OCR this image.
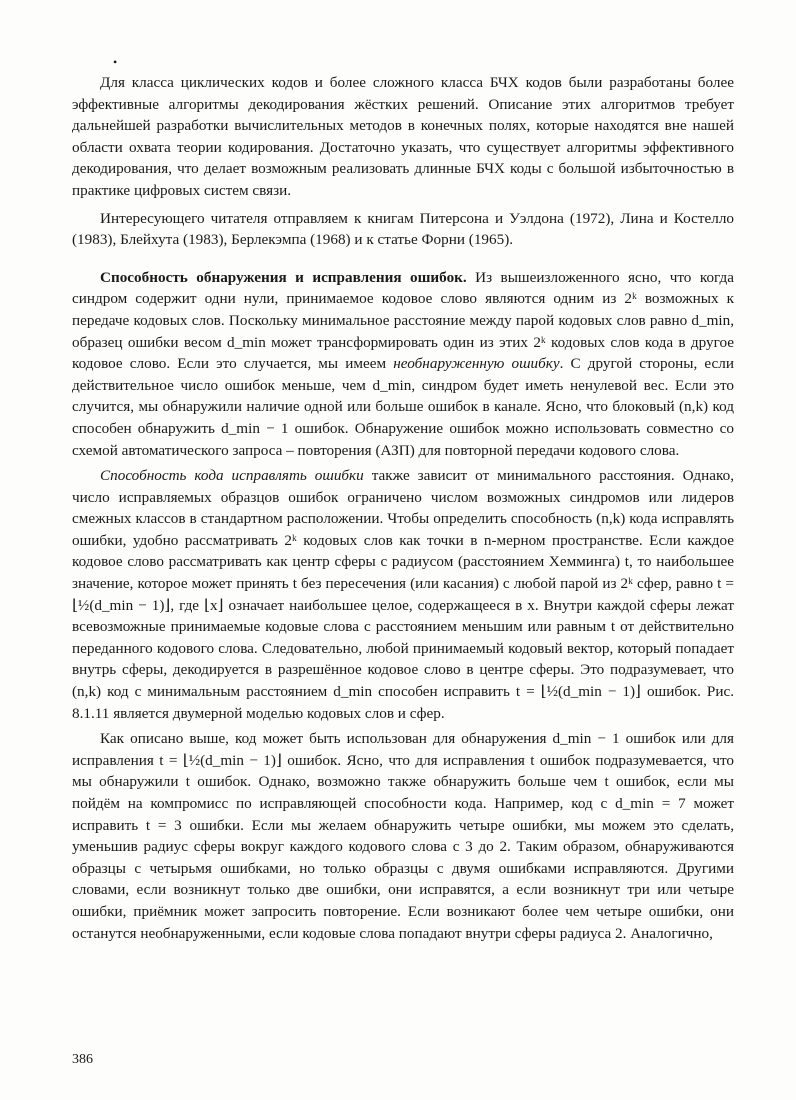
•

Для класса циклических кодов и более сложного класса БЧХ кодов были разработаны более эффективные алгоритмы декодирования жёстких решений. Описание этих алгоритмов требует дальнейшей разработки вычислительных методов в конечных полях, которые находятся вне нашей области охвата теории кодирования. Достаточно указать, что существует алгоритмы эффективного декодирования, что делает возможным реализовать длинные БЧХ коды с большой избыточностью в практике цифровых систем связи.

Интересующего читателя отправляем к книгам Питерсона и Уэлдона (1972), Лина и Костелло (1983), Блейхута (1983), Берлекэмпа (1968) и к статье Форни (1965).

Способность обнаружения и исправления ошибок. Из вышеизложенного ясно, что когда синдром содержит одни нули, принимаемое кодовое слово являются одним из 2ᵏ возможных к передаче кодовых слов. Поскольку минимальное расстояние между парой кодовых слов равно d_min, образец ошибки весом d_min может трансформировать один из этих 2ᵏ кодовых слов кода в другое кодовое слово. Если это случается, мы имеем необнаруженную ошибку. С другой стороны, если действительное число ошибок меньше, чем d_min, синдром будет иметь ненулевой вес. Если это случится, мы обнаружили наличие одной или больше ошибок в канале. Ясно, что блоковый (n,k) код способен обнаружить d_min − 1 ошибок. Обнаружение ошибок можно использовать совместно со схемой автоматического запроса – повторения (АЗП) для повторной передачи кодового слова.

Способность кода исправлять ошибки также зависит от минимального расстояния. Однако, число исправляемых образцов ошибок ограничено числом возможных синдромов или лидеров смежных классов в стандартном расположении. Чтобы определить способность (n,k) кода исправлять ошибки, удобно рассматривать 2ᵏ кодовых слов как точки в n-мерном пространстве. Если каждое кодовое слово рассматривать как центр сферы с радиусом (расстоянием Хемминга) t, то наибольшее значение, которое может принять t без пересечения (или касания) с любой парой из 2ᵏ сфер, равно t = ⌊½(d_min − 1)⌋, где ⌊x⌋ означает наибольшее целое, содержащееся в x. Внутри каждой сферы лежат всевозможные принимаемые кодовые слова с расстоянием меньшим или равным t от действительно переданного кодового слова. Следовательно, любой принимаемый кодовый вектор, который попадает внутрь сферы, декодируется в разрешённое кодовое слово в центре сферы. Это подразумевает, что (n,k) код с минимальным расстоянием d_min способен исправить t = ⌊½(d_min − 1)⌋ ошибок. Рис. 8.1.11 является двумерной моделью кодовых слов и сфер.

Как описано выше, код может быть использован для обнаружения d_min − 1 ошибок или для исправления t = ⌊½(d_min − 1)⌋ ошибок. Ясно, что для исправления t ошибок подразумевается, что мы обнаружили t ошибок. Однако, возможно также обнаружить больше чем t ошибок, если мы пойдём на компромисс по исправляющей способности кода. Например, код с d_min = 7 может исправить t = 3 ошибки. Если мы желаем обнаружить четыре ошибки, мы можем это сделать, уменьшив радиус сферы вокруг каждого кодового слова с 3 до 2. Таким образом, обнаруживаются образцы с четырьмя ошибками, но только образцы с двумя ошибками исправляются. Другими словами, если возникнут только две ошибки, они исправятся, а если возникнут три или четыре ошибки, приёмник может запросить повторение. Если возникают более чем четыре ошибки, они останутся необнаруженными, если кодовые слова попадают внутри сферы радиуса 2. Аналогично,

386
